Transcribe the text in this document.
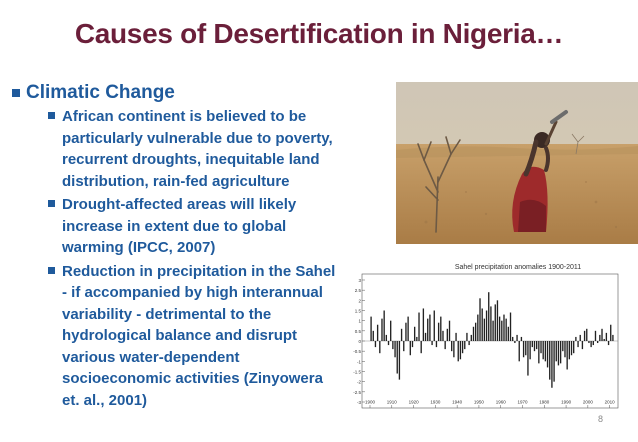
Causes of Desertification in Nigeria…
Climatic Change
African continent is believed to be
particularly vulnerable due to poverty,
recurrent droughts, inequitable land
distribution, rain-fed agriculture
Drought-affected areas will likely
increase in extent due to global
warming (IPCC, 2007)
Reduction in precipitation in the Sahel
- if accompanied by high interannual
variability - detrimental to the
hydrological balance and disrupt
various water-dependent
socioeconomic activities (Zinyowera
et. al., 2001)
Sahel precipitation anomalies 1900-2011
3
2.5
2
1.5
1
0.5
0
-0.5
-1
-1.5
-2
-2.5
-3 1900	1910	1920	1930	1940	1950	1960	1970	1980	1990	2000	2010
8
